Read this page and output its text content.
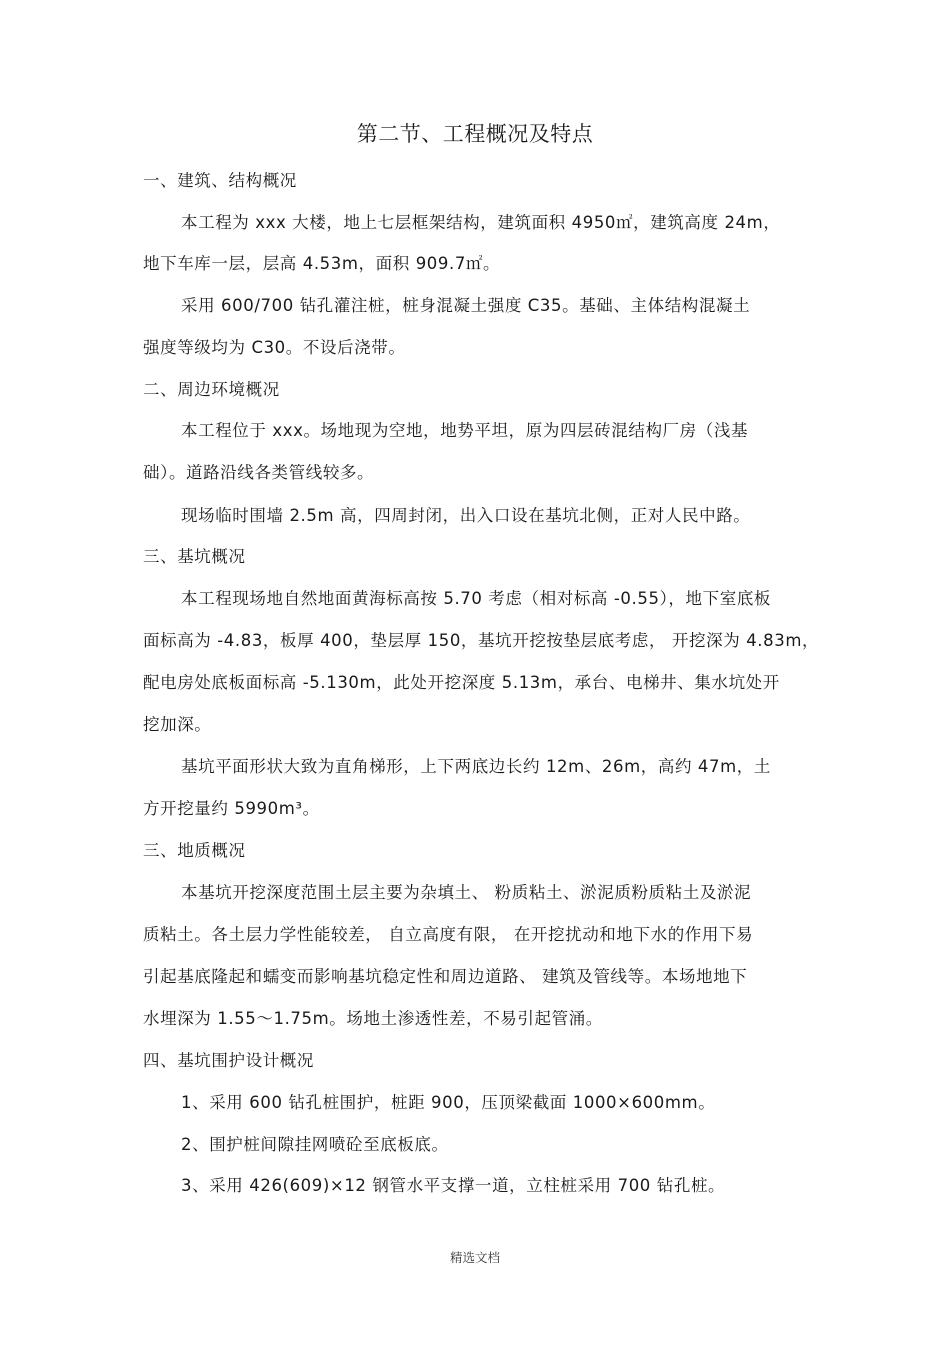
第二节、工程概况及特点
一、建筑、结构概况
本工程为 xxx 大楼，地上七层框架结构，建筑面积 4950㎡，建筑高度 24m，
地下车库一层，层高 4.53m，面积 909.7㎡。
采用 600/700 钻孔灌注桩，桩身混凝土强度 C35。基础、主体结构混凝土
强度等级均为 C30。不设后浇带。
二、周边环境概况
本工程位于 xxx。场地现为空地，地势平坦，原为四层砖混结构厂房（浅基
础）。道路沿线各类管线较多。
现场临时围墙 2.5m 高，四周封闭，出入口设在基坑北侧，正对人民中路。
三、基坑概况
本工程现场地自然地面黄海标高按 5.70 考虑（相对标高 -0.55），地下室底板
面标高为 -4.83，板厚 400，垫层厚 150，基坑开挖按垫层底考虑， 开挖深为 4.83m，
配电房处底板面标高 -5.130m，此处开挖深度 5.13m，承台、电梯井、集水坑处开
挖加深。
基坑平面形状大致为直角梯形，上下两底边长约 12m、26m，高约 47m，土
方开挖量约 5990m³。
三、地质概况
本基坑开挖深度范围土层主要为杂填土、 粉质粘土、淤泥质粉质粘土及淤泥
质粘土。各土层力学性能较差， 自立高度有限， 在开挖扰动和地下水的作用下易
引起基底隆起和蠕变而影响基坑稳定性和周边道路、 建筑及管线等。本场地地下
水埋深为 1.55～1.75m。场地土渗透性差，不易引起管涌。
四、基坑围护设计概况
1、采用 600 钻孔桩围护，桩距 900，压顶梁截面 1000×600mm。
2、围护桩间隙挂网喷砼至底板底。
3、采用 426(609)×12 钢管水平支撑一道，立柱桩采用 700 钻孔桩。
精选文档
